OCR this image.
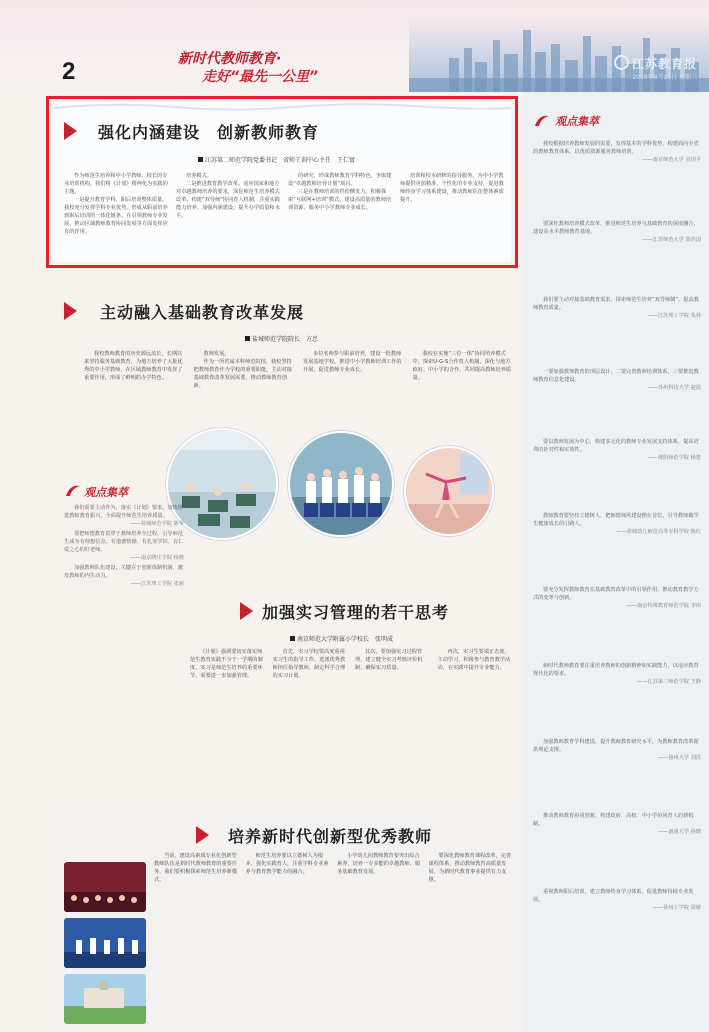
2	新时代教师教育·
走好“最先一公里”
江苏教育报
2018年8月15日 星期三
强化内涵建设　创新教师教育
江苏第二师范学院党委书记　省师干训中心主任　王仁富

作为师范生培养和中小学教师、校长的专业培训机构，我们将《计划》精神化为实践的主题。

一是提升教育学科、职后培训整体质量。我校充分发挥学科专业优势，形成从职前培养到职后培训的一体化链条，在引领教师专业发展、推动区域教师教育协同发展等方面发挥应有的作用。

培养模式。

二是推进教育教学改革。适应国家和地方对卓越教师培养的要求，深化师范生培养模式改革，构建“双导师”协同育人机制，注重实践能力培养。加强内涵建设，提升办学质量和水平。

的研究，形成教师教育学科特色，争取建设“卓越教师培养计划”项目。

三是在教师培训的供给侧发力。积极探索“互联网+培训”模式，建设高质量的教师培训资源，服务中小学教师专业成长。

培训和校本研修的指导服务，为中小学教师提供更加精准、个性化的专业支持，促进教师终身学习体系建设，推动教师队伍整体素质提升。

主动融入基础教育改革发展
盐城师范学院院长　方忠

我校教师教育的历史源远流长，长期以来坚持服务基础教育，为地方培养了大批优秀的中小学教师，在区域教师教育中发挥了重要作用，形成了鲜明的办学特色。

教师发展。

作为一所省属本科师范院校，我校坚持把教师教育作为学校的重要职能，主动对接基础教育改革发展需要，推动教师教育创新。

多位名师参与职前培养，建设一批教师发展基地学校，推进中小学教师培训工作的开展，促进教师专业成长。

我校在实施“三位一体”协同培养模式中，探索U-G-S合作育人机制，深化与地方政府、中小学的合作，共同提高教师培养质量。

观点集萃
我们需要主动作为，落实《计划》要求，加快推进教师教育振兴，全面提升师范生培养质量。
——盐城师范学院 陈华
要把师德教育贯穿于教师培养全过程，引导师范生成为有理想信念、有道德情操、有扎实学识、有仁爱之心的好老师。
——南京晓庄学院 杨晓
加强教师队伍建设，关键在于创新体制机制，激发教师的内生动力。
——江苏理工学院 张丽
加强实习管理的若干思考
南京师范大学附属小学校长　张明成

《计划》强调要切实落实师范生教育实践不少于一学期的制度，实习是师范生培养的重要环节，需要进一步加强管理。

首先，实习学校要高度重视实习生的指导工作，选派优秀教师担任指导教师，制定科学合理的实习计划。

其次，要加强实习过程管理，建立健全实习考核评价机制，确保实习质量。

再次，实习生要端正态度，主动学习，积极参与教育教学活动，在实践中提升专业能力。

培养新时代创新型优秀教师

当前，建设高素质专业化创新型教师队伍是新时代教师教育的重要任务，我们要积极探索师范生培养新模式。

师范生培养要以立德树人为根本，强化实践育人，注重学科专业素养与教育教学能力的融合。

小学幼儿园教师教育要突出综合素养，培养一专多能的卓越教师，服务基础教育发展。

要深化教师教育课程改革，完善课程体系，推动教师教育高质量发展，为新时代教育事业提供有力支撑。

观点集萃
我校根据培养教师发展的需要，发挥基本的学科优势，构建面向全省的教师教育体系，以优质资源服务教师培训。
——南京师范大学 吴国平
要深化教师培养模式改革，推进师范生培养与基础教育的深度融合，建设高水平教师教育基地。
——江苏师范大学 周治国
我们要主动对接基础教育需求，探索师范生培养“双导师制”，提高教师教育质量。
——江苏理工学院 朱林
一要加强教师教育的顶层设计，二要完善教师培训体系，三要推进教师教育信息化建设。
——苏州科技大学 赵晨
要以教师发展为中心，构建多元化的教师专业发展支持体系，提高培训的针对性和实效性。
——淮阴师范学院 杨建
教师教育要坚持立德树人，把师德师风建设摆在首位，引导教师做学生健康成长的引路人。
——盐城幼儿师范高等专科学校 陈红
要充分发挥教师教育在基础教育改革中的引领作用，推动教育教学方式的变革与创新。
——南京特殊教育师范学院 李伟
新时代教师教育要注重培养教师的创新精神和实践能力，以适应教育现代化的要求。
——江苏第二师范学院 王静
加强教师教育学科建设，提升教师教育研究水平，为教师教育改革提供理论支撑。
——扬州大学 刘洋
推动教师教育协同创新，构建政府、高校、中小学协同育人的新机制。
——南通大学 孙晓
重视教师职后培训，建立教师终身学习体系，促进教师持续专业发展。
——常州工学院 周敏
